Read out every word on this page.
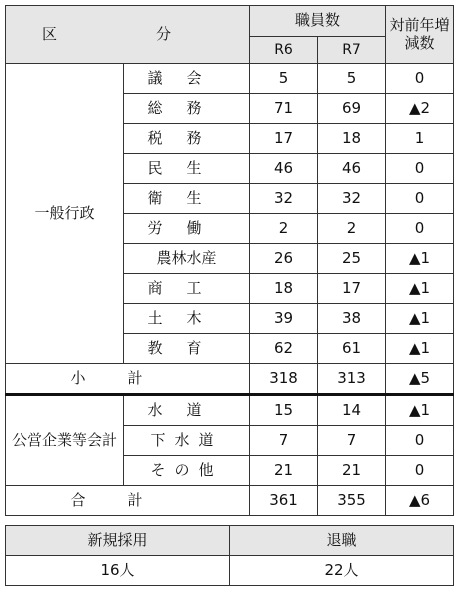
区　分		職員数		対前年増減数
		R6	R7	
一般行政	議会	5	5	0
	総務	71	69	▲2
	税務	17	18	1
	民生	46	46	0
	衛生	32	32	0
	労働	2	2	0
	農林水産	26	25	▲1
	商工	18	17	▲1
	土木	39	38	▲1
	教育	62	61	▲1
小計		318	313	▲5
公営企業等会計	水道	15	14	▲1
	下水道	7	7	0
	その他	21	21	0
合計		361	355	▲6
新規採用	退職
16人	22人
